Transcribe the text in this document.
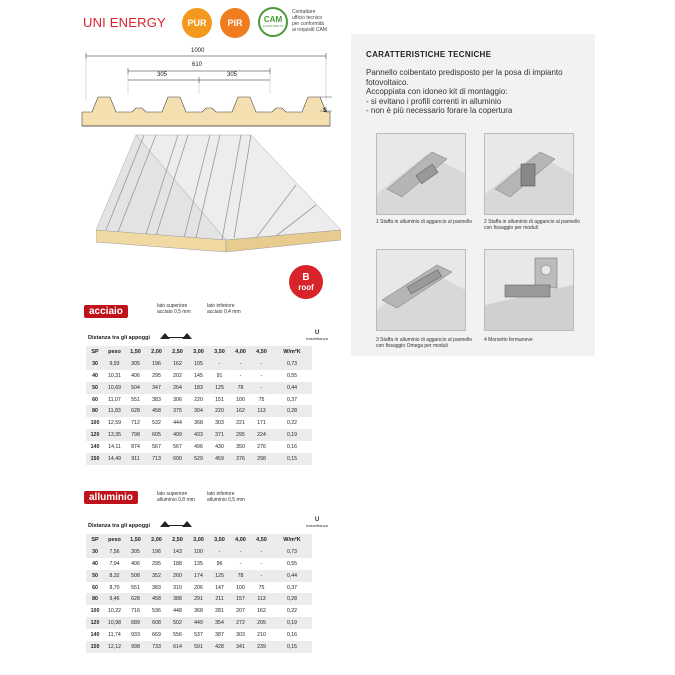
UNI ENERGY PUR PIR	CAM
CONFORMITÀ
Contattare
ufficio tecnico
per conformità
ai requisiti CAM
1000
610
305	305
S
B
roof
CARATTERISTICHE TECNICHE
Pannello coibentato predisposto per la posa di impianto
fotovoltaico.
Accoppiata con idoneo kit di montaggio:
- si evitano i profili correnti in alluminio
- non è più necessario forare la copertura
1 Staffa in alluminio di aggancio al pannello	2 Staffa in alluminio di aggancio al pannello con fissaggio per moduli
3 Staffa in alluminio di aggancio al pannello con fissaggio Omega per moduli
4 Morsetto fermaneve
acciaio	lato superiore
acciaio 0,5 mm
lato inferiore
acciaio 0,4 mm
Distanza tra gli appoggi
U
trasmittanza
SP	peso	1,50	2,00	2,50	3,00	3,50	4,00	4,50	W/m²K
30	9,93	305	196	162	105	-	-	-	0,73
40	10,31	406	295	202	145	91	-	-	0,55
50	10,69	504	347	264	183	125	78	-	0,44
60	11,07	551	383	306	220	151	100	75	0,37
80	11,83	628	458	375	304	220	162	113	0,28
100	12,59	712	532	444	368	303	221	171	0,22
120	13,35	798	605	499	433	371	295	224	0,19
140	14,11	874	567	567	496	430	350	276	0,16
150	14,49	911	713	600	529	459	376	298	0,15
alluminio	lato superiore
alluminio 0,8 mm
lato inferiore
alluminio 0,5 mm
Distanza tra gli appoggi
U
trasmittanza
SP	peso	1,50	2,00	2,50	3,00	3,50	4,00	4,50	W/m²K
30	7,56	305	196	143	100	-	-	-	0,73
40	7,94	406	295	188	135	96	-	-	0,55
50	8,32	508	352	260	174	125	78	-	0,44
60	8,70	551	383	310	206	147	100	75	0,37
80	9,46	628	458	388	291	211	157	113	0,28
100	10,22	716	536	448	368	281	207	162	0,22
120	10,98	689	608	502	449	354	272	205	0,19
140	11,74	933	669	556	537	387	303	210	0,16
150	12,12	998	733	614	591	428	341	239	0,15
